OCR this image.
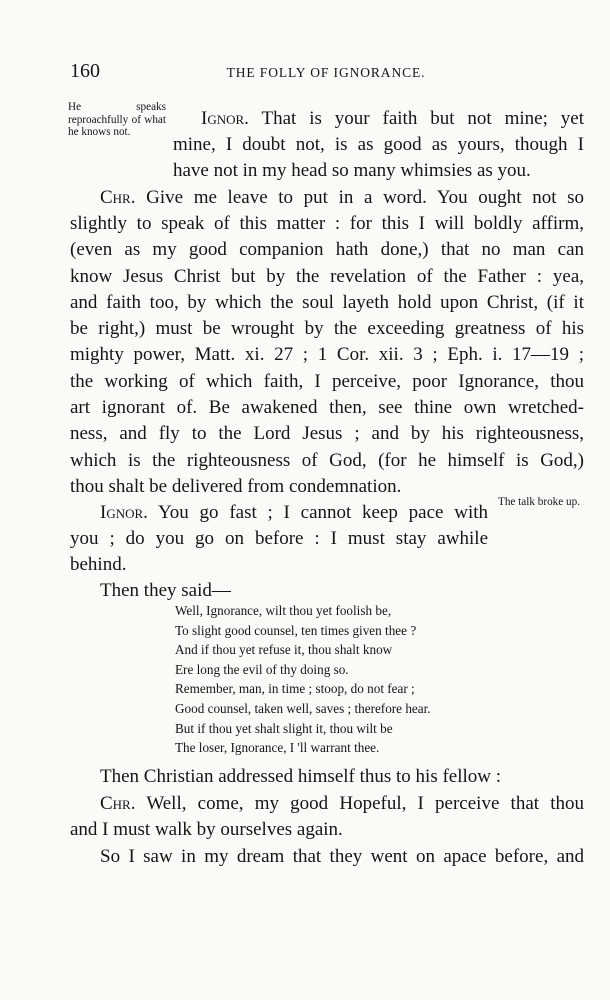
160	THE FOLLY OF IGNORANCE.
He speaks reproachfully of what he knows not.
The talk broke up.
Ignor. That is your faith but not mine; yet
mine, I doubt not, is as good as yours, though I
have not in my head so many whimsies as you.
Chr. Give me leave to put in a word. You ought not so
slightly to speak of this matter : for this I will boldly affirm,
(even as my good companion hath done,) that no man can
know Jesus Christ but by the revelation of the Father : yea,
and faith too, by which the soul layeth hold upon Christ, (if it
be right,) must be wrought by the exceeding greatness of his
mighty power, Matt. xi. 27 ; 1 Cor. xii. 3 ; Eph. i. 17—19 ;
the working of which faith, I perceive, poor Ignorance, thou
art ignorant of. Be awakened then, see thine own wretched-
ness, and fly to the Lord Jesus ; and by his righteousness,
which is the righteousness of God, (for he himself is God,)
thou shalt be delivered from condemnation.
Ignor. You go fast ; I cannot keep pace with
you ; do you go on before : I must stay awhile
behind.
Then they said—
Well, Ignorance, wilt thou yet foolish be,
To slight good counsel, ten times given thee ?
And if thou yet refuse it, thou shalt know
Ere long the evil of thy doing so.
Remember, man, in time ; stoop, do not fear ;
Good counsel, taken well, saves ; therefore hear.
But if thou yet shalt slight it, thou wilt be
The loser, Ignorance, I 'll warrant thee.
Then Christian addressed himself thus to his fellow :
Chr. Well, come, my good Hopeful, I perceive that thou
and I must walk by ourselves again.
So I saw in my dream that they went on apace before, and
